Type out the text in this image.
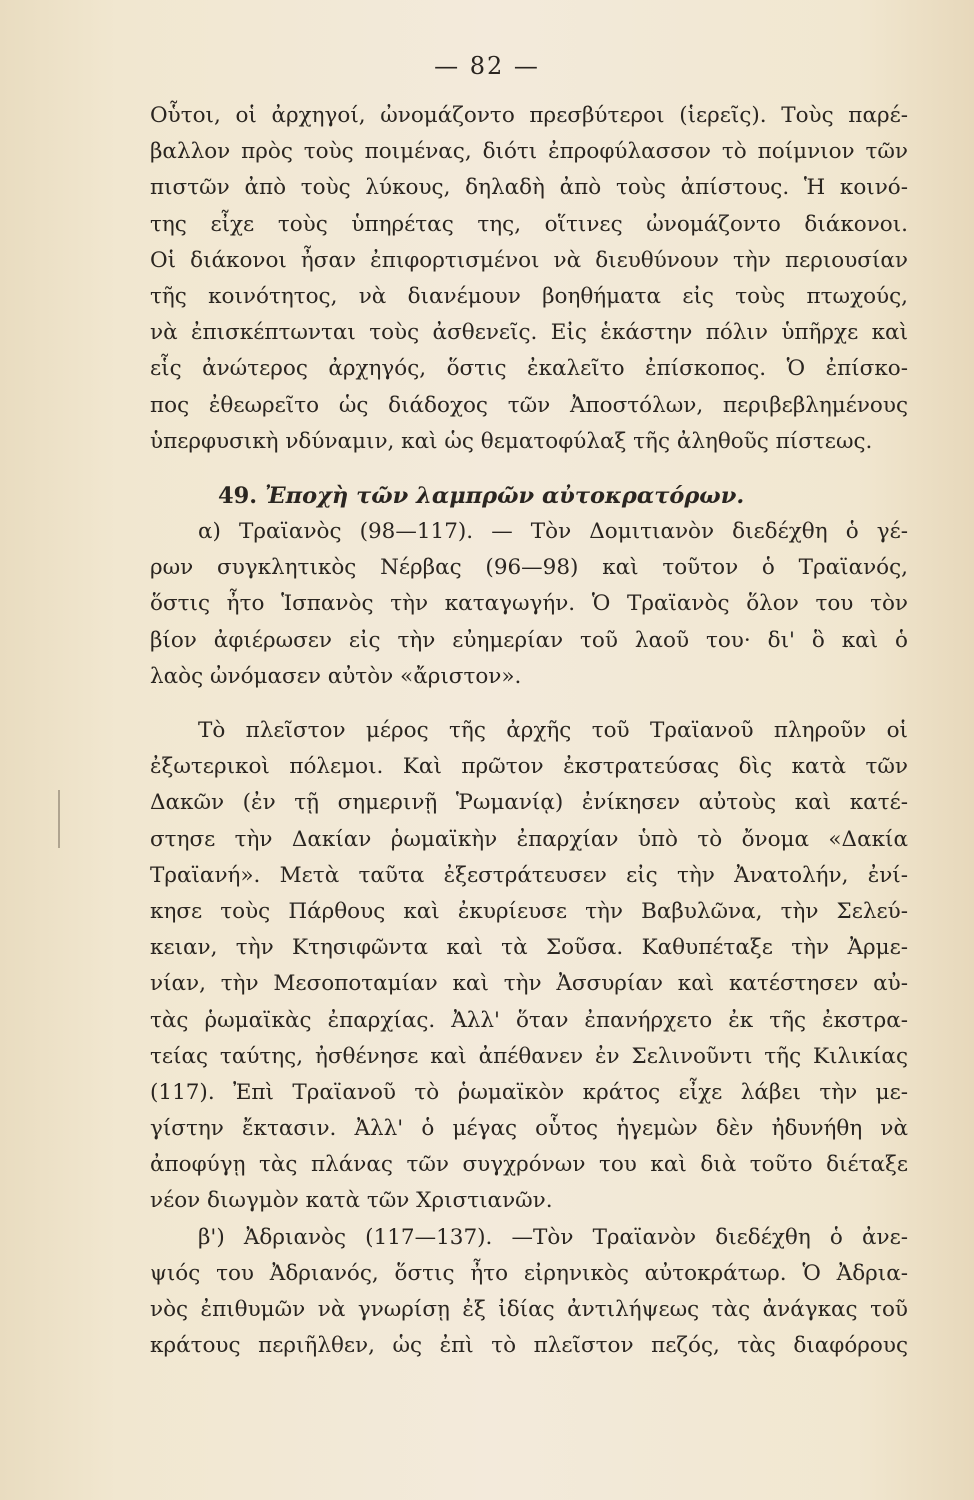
— 82 —
Οὗτοι, οἱ ἀρχηγοί, ὠνομάζοντο πρεσβύτεροι (ἱερεῖς). Τοὺς παρέ-
βαλλον πρὸς τοὺς ποιμένας, διότι ἐπροφύλασσον τὸ ποίμνιον τῶν
πιστῶν ἀπὸ τοὺς λύκους, δηλαδὴ ἀπὸ τοὺς ἀπίστους. Ἡ κοινό-
της εἶχε τοὺς ὑπηρέτας της, οἵτινες ὠνομάζοντο διάκονοι.
Οἱ διάκονοι ἦσαν ἐπιφορτισμένοι νὰ διευθύνουν τὴν περιουσίαν
τῆς κοινότητος, νὰ διανέμουν βοηθήματα εἰς τοὺς πτωχούς,
νὰ ἐπισκέπτωνται τοὺς ἀσθενεῖς. Εἰς ἑκάστην πόλιν ὑπῆρχε καὶ
εἷς ἀνώτερος ἀρχηγός, ὅστις ἐκαλεῖτο ἐπίσκοπος. Ὁ ἐπίσκο-
πος ἐθεωρεῖτο ὡς διάδοχος τῶν Ἀποστόλων, περιβεβλημένους
ὑπερφυσικὴ νδύναμιν, καὶ ὡς θεματοφύλαξ τῆς ἀληθοῦς πίστεως.
49. Ἐποχὴ τῶν λαμπρῶν αὐτοκρατόρων.
α) Τραϊανὸς (98—117). — Τὸν Δομιτιανὸν διεδέχθη ὁ γέ-
ρων συγκλητικὸς Νέρβας (96—98) καὶ τοῦτον ὁ Τραϊανός,
ὅστις ἦτο Ἱσπανὸς τὴν καταγωγήν. Ὁ Τραϊανὸς ὅλον του τὸν
βίον ἀφιέρωσεν εἰς τὴν εὐημερίαν τοῦ λαοῦ του· δι' ὃ καὶ ὁ
λαὸς ὠνόμασεν αὐτὸν «ἄριστον».
Τὸ πλεῖστον μέρος τῆς ἀρχῆς τοῦ Τραϊανοῦ πληροῦν οἱ
ἐξωτερικοὶ πόλεμοι. Καὶ πρῶτον ἐκστρατεύσας δὶς κατὰ τῶν
Δακῶν (ἐν τῇ σημερινῇ Ῥωμανίᾳ) ἐνίκησεν αὐτοὺς καὶ κατέ-
στησε τὴν Δακίαν ῥωμαϊκὴν ἐπαρχίαν ὑπὸ τὸ ὄνομα «Δακία
Τραϊανή». Μετὰ ταῦτα ἐξεστράτευσεν εἰς τὴν Ἀνατολήν, ἐνί-
κησε τοὺς Πάρθους καὶ ἐκυρίευσε τὴν Βαβυλῶνα, τὴν Σελεύ-
κειαν, τὴν Κτησιφῶντα καὶ τὰ Σοῦσα. Καθυπέταξε τὴν Ἀρμε-
νίαν, τὴν Μεσοποταμίαν καὶ τὴν Ἀσσυρίαν καὶ κατέστησεν αὐ-
τὰς ῥωμαϊκὰς ἐπαρχίας. Ἀλλ' ὅταν ἐπανήρχετο ἐκ τῆς ἐκστρα-
τείας ταύτης, ἠσθένησε καὶ ἀπέθανεν ἐν Σελινοῦντι τῆς Κιλικίας
(117). Ἐπὶ Τραϊανοῦ τὸ ῥωμαϊκὸν κράτος εἶχε λάβει τὴν με-
γίστην ἔκτασιν. Ἀλλ' ὁ μέγας οὗτος ἡγεμὼν δὲν ἠδυνήθη νὰ
ἀποφύγῃ τὰς πλάνας τῶν συγχρόνων του καὶ διὰ τοῦτο διέταξε
νέον διωγμὸν κατὰ τῶν Χριστιανῶν.
β') Ἀδριανὸς (117—137). —Τὸν Τραϊανὸν διεδέχθη ὁ ἀνε-
ψιός του Ἀδριανός, ὅστις ἦτο εἰρηνικὸς αὐτοκράτωρ. Ὁ Ἀδρια-
νὸς ἐπιθυμῶν νὰ γνωρίσῃ ἐξ ἰδίας ἀντιλήψεως τὰς ἀνάγκας τοῦ
κράτους περιῆλθεν, ὡς ἐπὶ τὸ πλεῖστον πεζός, τὰς διαφόρους
